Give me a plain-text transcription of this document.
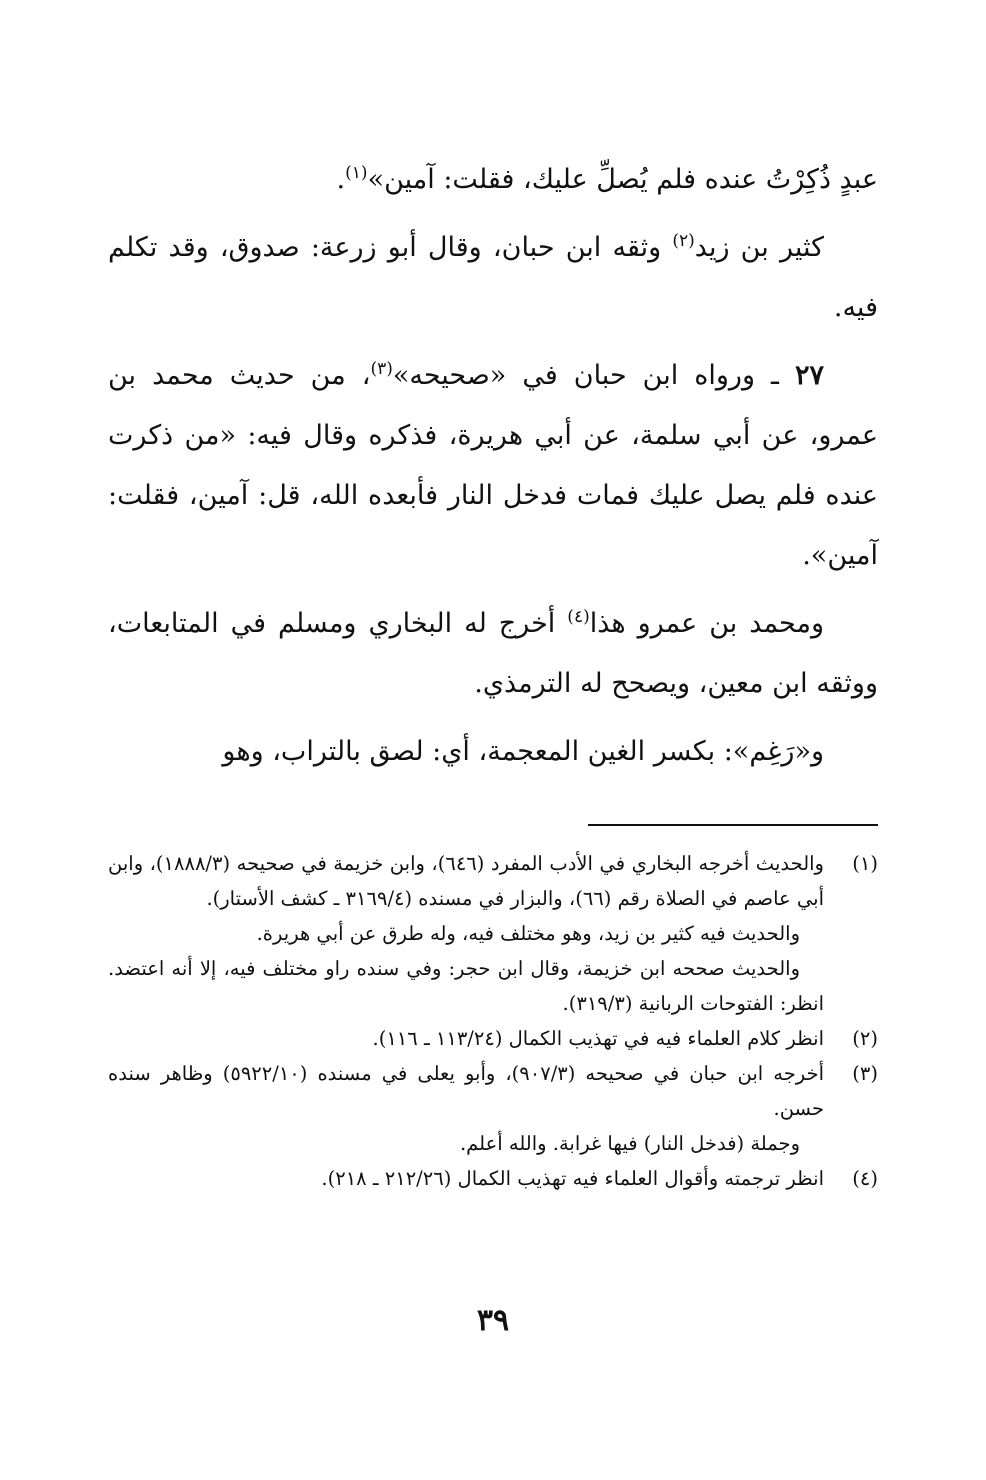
عبدٍ ذُكِرْتُ عنده فلم يُصلِّ عليك، فقلت: آمين»$^{(١)}$.

كثير بن زيد$^{(٢)}$ وثقه ابن حبان، وقال أبو زرعة: صدوق، وقد تكلم فيه.

٢٧ ـ ورواه ابن حبان في «صحيحه»$^{(٣)}$، من حديث محمد بن عمرو، عن أبي سلمة، عن أبي هريرة، فذكره وقال فيه: «من ذكرت عنده فلم يصل عليك فمات فدخل النار فأبعده الله، قل: آمين، فقلت: آمين».

ومحمد بن عمرو هذا$^{(٤)}$ أخرج له البخاري ومسلم في المتابعات، ووثقه ابن معين، ويصحح له الترمذي.

و«رَغِم»: بكسر الغين المعجمة، أي: لصق بالتراب، وهو

(١)
والحديث أخرجه البخاري في الأدب المفرد (٦٤٦)، وابن خزيمة في صحيحه (١٨٨٨/٣)، وابن أبي عاصم في الصلاة رقم (٦٦)، والبزار في مسنده (٣١٦٩/٤ ـ كشف الأستار).
والحديث فيه كثير بن زيد، وهو مختلف فيه، وله طرق عن أبي هريرة.
والحديث صححه ابن خزيمة، وقال ابن حجر: وفي سنده راو مختلف فيه، إلا أنه اعتضد. انظر: الفتوحات الربانية (٣١٩/٣).
(٢)
انظر كلام العلماء فيه في تهذيب الكمال (١١٣/٢٤ ـ ١١٦).
(٣)
أخرجه ابن حبان في صحيحه (٩٠٧/٣)، وأبو يعلى في مسنده (٥٩٢٢/١٠) وظاهر سنده حسن.
وجملة (فدخل النار) فيها غرابة. والله أعلم.
(٤)
انظر ترجمته وأقوال العلماء فيه تهذيب الكمال (٢١٢/٢٦ ـ ٢١٨).
٣٩
